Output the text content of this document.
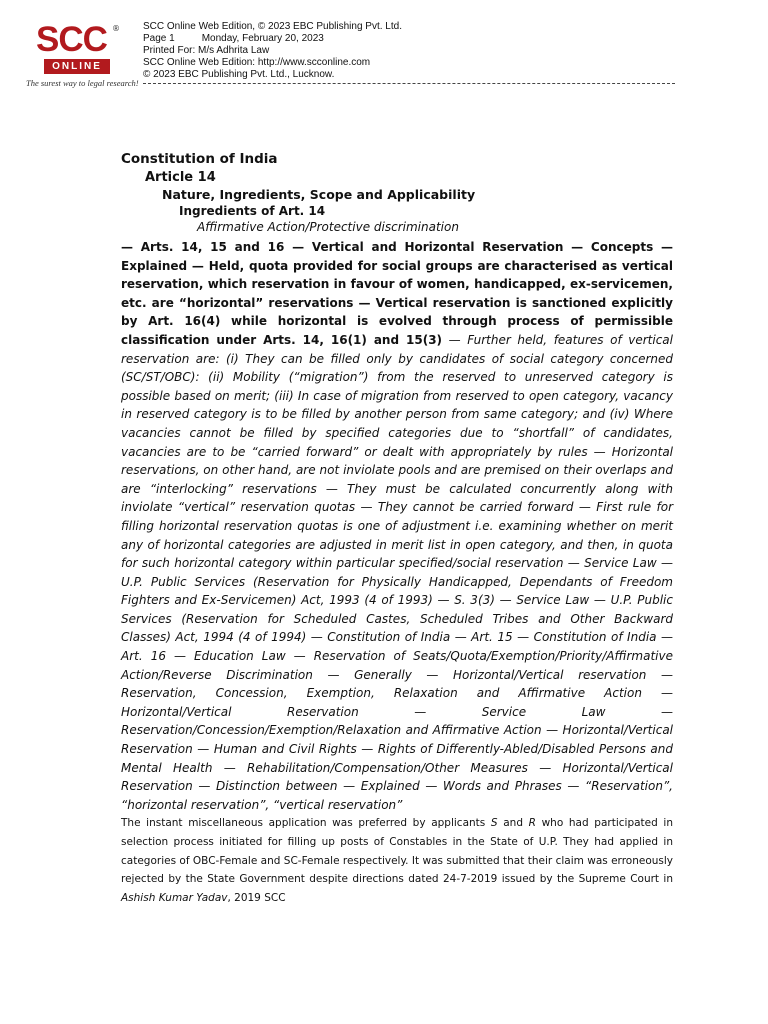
SCC ®
ONLINE
The surest way to legal research!
SCC Online Web Edition, © 2023 EBC Publishing Pvt. Ltd.
Page 1	Monday, February 20, 2023
Printed For: M/s Adhrita Law
SCC Online Web Edition: http://www.scconline.com
© 2023 EBC Publishing Pvt. Ltd., Lucknow.
Constitution of India
Article 14
Nature, Ingredients, Scope and Applicability
Ingredients of Art. 14
Affirmative Action/Protective discrimination

— Arts. 14, 15 and 16 — Vertical and Horizontal Reservation — Concepts — Explained — Held, quota provided for social groups are characterised as vertical reservation, which reservation in favour of women, handicapped, ex-servicemen, etc. are “horizontal” reservations — Vertical reservation is sanctioned explicitly by Art. 16(4) while horizontal is evolved through process of permissible classification under Arts. 14, 16(1) and 15(3) — Further held, features of vertical reservation are: (i) They can be filled only by candidates of social category concerned (SC/ST/OBC): (ii) Mobility (“migration”) from the reserved to unreserved category is possible based on merit; (iii) In case of migration from reserved to open category, vacancy in reserved category is to be filled by another person from same category; and (iv) Where vacancies cannot be filled by specified categories due to “shortfall” of candidates, vacancies are to be “carried forward” or dealt with appropriately by rules — Horizontal reservations, on other hand, are not inviolate pools and are premised on their overlaps and are “interlocking” reservations — They must be calculated concurrently along with inviolate “vertical” reservation quotas — They cannot be carried forward — First rule for filling horizontal reservation quotas is one of adjustment i.e. examining whether on merit any of horizontal categories are adjusted in merit list in open category, and then, in quota for such horizontal category within particular specified/social reservation — Service Law — U.P. Public Services (Reservation for Physically Handicapped, Dependants of Freedom Fighters and Ex-Servicemen) Act, 1993 (4 of 1993) — S. 3(3) — Service Law — U.P. Public Services (Reservation for Scheduled Castes, Scheduled Tribes and Other Backward Classes) Act, 1994 (4 of 1994) — Constitution of India — Art. 15 — Constitution of India — Art. 16 — Education Law — Reservation of Seats/Quota/Exemption/Priority/Affirmative Action/Reverse Discrimination — Generally — Horizontal/Vertical reservation — Reservation, Concession, Exemption, Relaxation and Affirmative Action — Horizontal/Vertical Reservation — Service Law — Reservation/Concession/Exemption/Relaxation and Affirmative Action — Horizontal/Vertical Reservation — Human and Civil Rights — Rights of Differently-Abled/Disabled Persons and Mental Health — Rehabilitation/Compensation/Other Measures — Horizontal/Vertical Reservation — Distinction between — Explained — Words and Phrases — “Reservation”, “horizontal reservation”, “vertical reservation”

The instant miscellaneous application was preferred by applicants S and R who had participated in selection process initiated for filling up posts of Constables in the State of U.P. They had applied in categories of OBC-Female and SC-Female respectively. It was submitted that their claim was erroneously rejected by the State Government despite directions dated 24-7-2019 issued by the Supreme Court in Ashish Kumar Yadav, 2019 SCC
